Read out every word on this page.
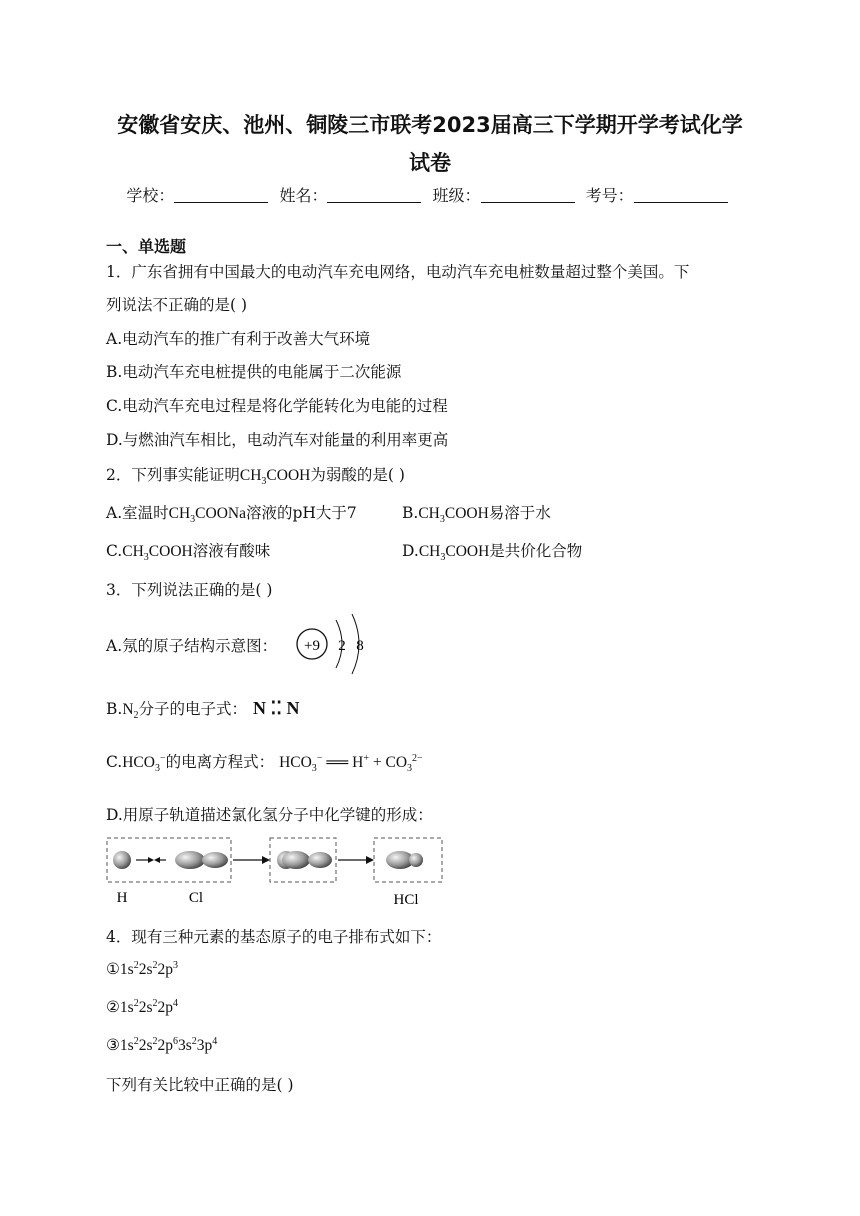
安徽省安庆、池州、铜陵三市联考2023届高三下学期开学考试化学
试卷
学校：	姓名：	班级：	考号：
一、单选题
1．广东省拥有中国最大的电动汽车充电网络，电动汽车充电桩数量超过整个美国。下
列说法不正确的是( )
A.电动汽车的推广有利于改善大气环境
B.电动汽车充电桩提供的电能属于二次能源
C.电动汽车充电过程是将化学能转化为电能的过程
D.与燃油汽车相比，电动汽车对能量的利用率更高
2．下列事实能证明$CH_3COOH$为弱酸的是( )
A.室温时$CH_3COONa$溶液的pH大于7	$B.CH_3COOH$易溶于水
$C.CH_3COOH$溶液有酸味	$D.CH_3COOH$是共价化合物
3．下列说法正确的是( )
A.氖的原子结构示意图： +9 2 8
$B.N_2$分子的电子式： N ⁚⁚ N
$C.HCO_3^-$的电离方程式： $HCO_3^-$ ══ $H^+ + CO_3^{2-}$
D.用原子轨道描述氯化氢分子中化学键的形成：
H	Cl	HCl
4．现有三种元素的基态原子的电子排布式如下：
$①1s^22s^22p^3$
$②1s^22s^22p^4$
$③1s^22s^22p^63s^23p^4$
下列有关比较中正确的是( )
